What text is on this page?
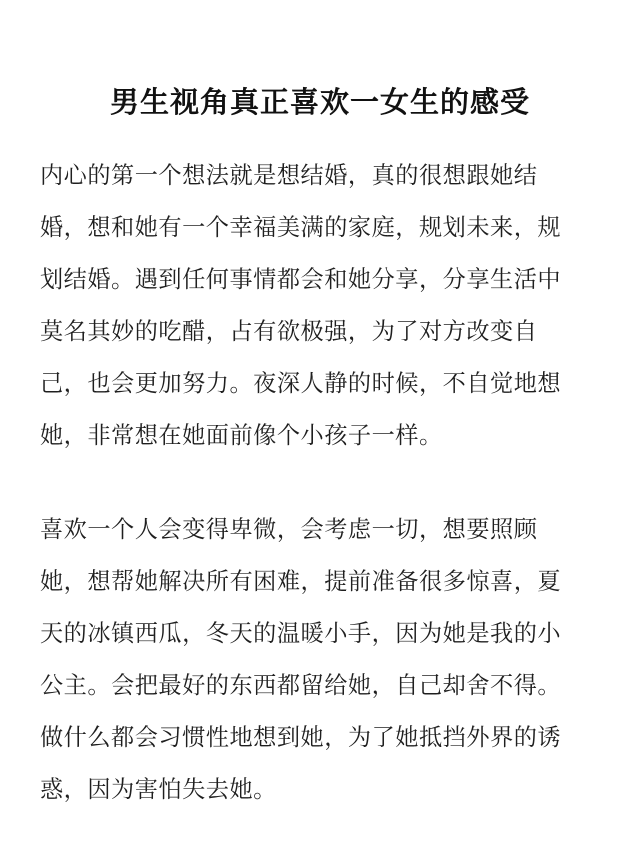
男生视角真正喜欢一女生的感受
内心的第一个想法就是想结婚，真的很想跟她结
婚，想和她有一个幸福美满的家庭，规划未来，规
划结婚。遇到任何事情都会和她分享，分享生活中
莫名其妙的吃醋，占有欲极强，为了对方改变自
己，也会更加努力。夜深人静的时候，不自觉地想
她，非常想在她面前像个小孩子一样。
喜欢一个人会变得卑微，会考虑一切，想要照顾
她，想帮她解决所有困难，提前准备很多惊喜，夏
天的冰镇西瓜，冬天的温暖小手，因为她是我的小
公主。会把最好的东西都留给她，自己却舍不得。
做什么都会习惯性地想到她，为了她抵挡外界的诱
惑，因为害怕失去她。
